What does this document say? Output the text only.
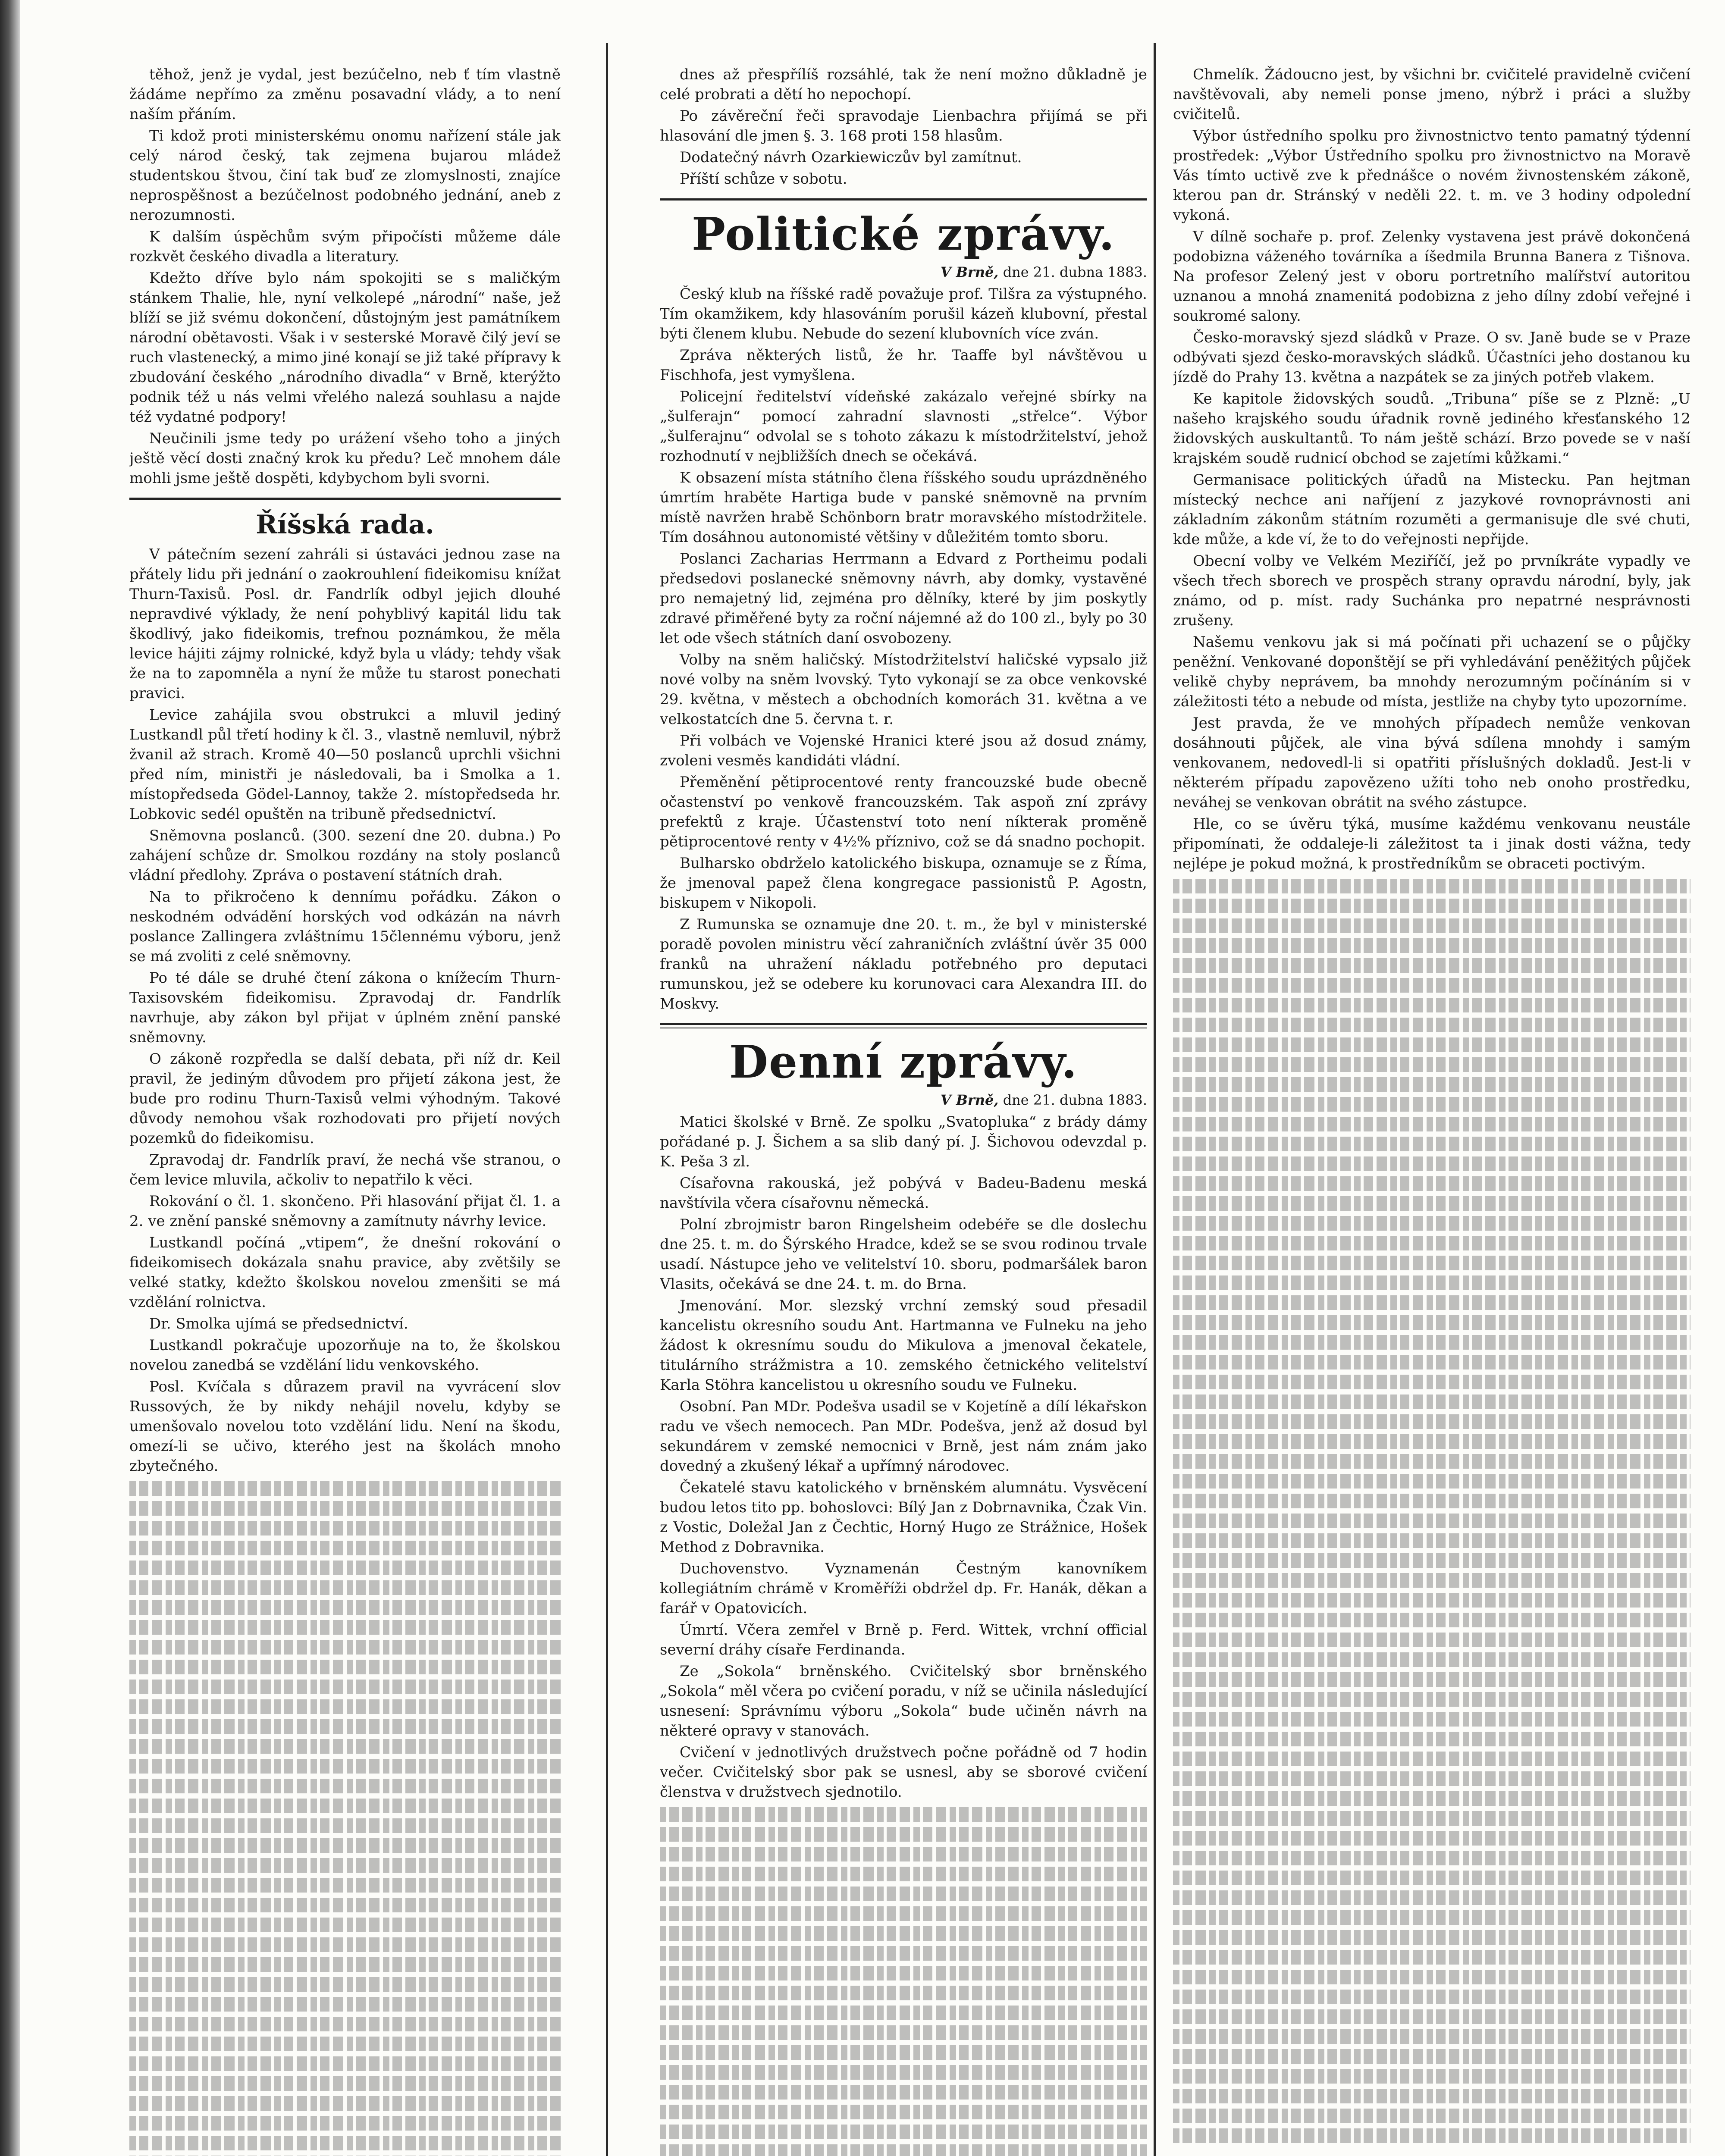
těhož, jenž je vydal, jest bezúčelno, neb ť tím vlastně žádáme nepřímo za změnu posavadní vlády, a to není naším přáním.

Ti kdož proti ministerskému onomu nařízení stále jak celý národ český, tak zejmena bujarou mládež studentskou štvou, činí tak buď ze zlomyslnosti, znajíce neprospěšnost a bezúčelnost podobného jednání, aneb z nerozumnosti.

K dalším úspěchům svým připočísti můžeme dále rozkvět českého divadla a literatury.

Kdežto dříve bylo nám spokojiti se s maličkým stánkem Thalie, hle, nyní velkolepé „národní“ naše, jež blíží se již svému dokončení, důstojným jest památníkem národní obětavosti. Však i v sesterské Moravě čilý jeví se ruch vlastenecký, a mimo jiné konají se již také přípravy k zbudování českého „národního divadla“ v Brně, kterýžto podnik též u nás velmi vřelého nalezá souhlasu a najde též vydatné podpory!

Neučinili jsme tedy po urážení všeho toho a jiných ještě věcí dosti značný krok ku předu? Leč mnohem dále mohli jsme ještě dospěti, kdybychom byli svorni.

Říšská rada.

V pátečním sezení zahráli si ústaváci jednou zase na přátely lidu při jednání o zaokrouhlení fideikomisu knížat Thurn-Taxisů. Posl. dr. Fandrlík odbyl jejich dlouhé nepravdivé výklady, že není pohyblivý kapitál lidu tak škodlivý, jako fideikomis, trefnou poznámkou, že měla levice hájiti zájmy rolnické, když byla u vlády; tehdy však že na to zapomněla a nyní že může tu starost ponechati pravici.

Levice zahájila svou obstrukci a mluvil jediný Lustkandl půl třetí hodiny k čl. 3., vlastně nemluvil, nýbrž žvanil až strach. Kromě 40—50 poslanců uprchli všichni před ním, ministři je následovali, ba i Smolka a 1. místopředseda Gödel-Lannoy, takže 2. místopředseda hr. Lobkovic sedél opuštěn na tribuně předsednictví.

Sněmovna poslanců. (300. sezení dne 20. dubna.) Po zahájení schůze dr. Smolkou rozdány na stoly poslanců vládní předlohy. Zpráva o postavení státních drah.

Na to přikročeno k dennímu pořádku. Zákon o neskodném odvádění horských vod odkázán na návrh poslance Zallingera zvláštnímu 15člennému výboru, jenž se má zvoliti z celé sněmovny.

Po té dále se druhé čtení zákona o knížecím Thurn-Taxisovském fideikomisu. Zpravodaj dr. Fandrlík navrhuje, aby zákon byl přijat v úplném znění panské sněmovny.

O zákoně rozpředla se další debata, při níž dr. Keil pravil, že jediným důvodem pro přijetí zákona jest, že bude pro rodinu Thurn-Taxisů velmi výhodným. Takové důvody nemohou však rozhodovati pro přijetí nových pozemků do fideikomisu.

Zpravodaj dr. Fandrlík praví, že nechá vše stranou, o čem levice mluvila, ačkoliv to nepatřilo k věci.

Rokování o čl. 1. skončeno. Při hlasování přijat čl. 1. a 2. ve znění panské sněmovny a zamítnuty návrhy levice.

Lustkandl počíná „vtipem“, že dnešní rokování o fideikomisech dokázala snahu pravice, aby zvětšily se velké statky, kdežto školskou novelou zmenšiti se má vzdělání rolnictva.

Dr. Smolka ujímá se předsednictví.

Lustkandl pokračuje upozorňuje na to, že školskou novelou zanedbá se vzdělání lidu venkovského.

Posl. Kvíčala s důrazem pravil na vyvrácení slov Russových, že by nikdy nehájil novelu, kdyby se umenšovalo novelou toto vzdělání lidu. Není na škodu, omezí-li se učivo, kterého jest na školách mnoho zbytečného.

dnes až přespřílíš rozsáhlé, tak že není možno důkladně je celé probrati a dětí ho nepochopí.

Po závěreční řeči spravodaje Lienbachra přijímá se při hlasování dle jmen §. 3. 168 proti 158 hlasům.

Dodatečný návrh Ozarkiewiczův byl zamítnut.

Příští schůze v sobotu.

Politické zprávy.
V Brně, dne 21. dubna 1883.

Český klub na říšské radě považuje prof. Tilšra za výstupného. Tím okamžikem, kdy hlasováním porušil kázeň klubovní, přestal býti členem klubu. Nebude do sezení klubovních více zván.

Zpráva některých listů, že hr. Taaffe byl návštěvou u Fischhofa, jest vymyšlena.

Policejní ředitelství vídeňské zakázalo veřejné sbírky na „šulferajn“ pomocí zahradní slavnosti „střelce“. Výbor „šulferajnu“ odvolal se s tohoto zákazu k místodržitelství, jehož rozhodnutí v nejbližších dnech se očekává.

K obsazení místa státního člena říšského soudu uprázdněného úmrtím hraběte Hartiga bude v panské sněmovně na prvním místě navržen hrabě Schönborn bratr moravského místodržitele. Tím dosáhnou autonomisté většiny v důležitém tomto sboru.

Poslanci Zacharias Herrmann a Edvard z Portheimu podali předsedovi poslanecké sněmovny návrh, aby domky, vystavěné pro nemajetný lid, zejména pro dělníky, které by jim poskytly zdravé přiměřené byty za roční nájemné až do 100 zl., byly po 30 let ode všech státních daní osvobozeny.

Volby na sněm haličský. Místodržitelství haličské vypsalo již nové volby na sněm lvovský. Tyto vykonají se za obce venkovské 29. května, v městech a obchodních komorách 31. května a ve velkostatcích dne 5. června t. r.

Při volbách ve Vojenské Hranici které jsou až dosud známy, zvoleni vesměs kandidáti vládní.

Přeměnění pětiprocentové renty francouzské bude obecně očastenství po venkově francouzském. Tak aspoň zní zprávy prefektů z kraje. Účastenství toto není níkterak proměně pětiprocentové renty v 4½% příznivo, což se dá snadno pochopit.

Bulharsko obdrželo katolického biskupa, oznamuje se z Říma, že jmenoval papež člena kongregace passionistů P. Agostn, biskupem v Nikopoli.

Z Rumunska se oznamuje dne 20. t. m., že byl v ministerské poradě povolen ministru věcí zahraničních zvláštní úvěr 35 000 franků na uhražení nákladu potřebného pro deputaci rumunskou, jež se odebere ku korunovaci cara Alexandra III. do Moskvy.

Denní zprávy.
V Brně, dne 21. dubna 1883.

Matici školské v Brně. Ze spolku „Svatopluka“ z brády dámy pořádané p. J. Šichem a sa slib daný pí. J. Šichovou odevzdal p. K. Peša 3 zl.

Císařovna rakouská, jež pobývá v Badeu-Badenu meská navštívila včera císařovnu německá.

Polní zbrojmistr baron Ringelsheim odebéře se dle doslechu dne 25. t. m. do Šýrského Hradce, kdež se se svou rodinou trvale usadí. Nástupce jeho ve velitelství 10. sboru, podmaršálek baron Vlasits, očekává se dne 24. t. m. do Brna.

Jmenování. Mor. slezský vrchní zemský soud přesadil kancelistu okresního soudu Ant. Hartmanna ve Fulneku na jeho žádost k okresnímu soudu do Mikulova a jmenoval čekatele, titulárního strážmistra a 10. zemského četnického velitelství Karla Stöhra kancelistou u okresního soudu ve Fulneku.

Osobní. Pan MDr. Podešva usadil se v Kojetíně a dílí lékařskon radu ve všech nemocech. Pan MDr. Podešva, jenž až dosud byl sekundárem v zemské nemocnici v Brně, jest nám znám jako dovedný a zkušený lékař a upřímný národovec.

Čekatelé stavu katolického v brněnském alumnátu. Vysvěcení budou letos tito pp. bohoslovci: Bílý Jan z Dobrnavnika, Čzak Vin. z Vostic, Doležal Jan z Čechtic, Horný Hugo ze Strážnice, Hošek Method z Dobravnika.

Duchovenstvo. Vyznamenán Čestným kanovníkem kollegiátním chrámě v Kroměříži obdržel dp. Fr. Hanák, děkan a farář v Opatovicích.

Úmrtí. Včera zemřel v Brně p. Ferd. Wittek, vrchní official severní dráhy císaře Ferdinanda.

Ze „Sokola“ brněnského. Cvičitelský sbor brněnského „Sokola“ měl včera po cvičení poradu, v níž se učinila následující usnesení: Správnímu výboru „Sokola“ bude učiněn návrh na některé opravy v stanovách.

Cvičení v jednotlivých družstvech počne pořádně od 7 hodin večer. Cvičitelský sbor pak se usnesl, aby se sborové cvičení členstva v družstvech sjednotilo.

Chmelík. Žádoucno jest, by všichni br. cvičitelé pravidelně cvičení navštěvovali, aby nemeli ponse jmeno, nýbrž i práci a služby cvičitelů.

Výbor ústředního spolku pro živnostnictvo tento pamatný týdenní prostředek: „Výbor Ústředního spolku pro živnostnictvo na Moravě Vás tímto uctivě zve k přednášce o novém živnostenském zákoně, kterou pan dr. Stránský v neděli 22. t. m. ve 3 hodiny odpolední vykoná.

V dílně sochaře p. prof. Zelenky vystavena jest právě dokončená podobizna váženého továrníka a íšedmila Brunna Banera z Tišnova. Na profesor Zelený jest v oboru portretního malířství autoritou uznanou a mnohá znamenitá podobizna z jeho dílny zdobí veřejné i soukromé salony.

Česko-moravský sjezd sládků v Praze. O sv. Janě bude se v Praze odbývati sjezd česko-moravských sládků. Účastníci jeho dostanou ku jízdě do Prahy 13. května a nazpátek se za jiných potřeb vlakem.

Ke kapitole židovských soudů. „Tribuna“ píše se z Plzně: „U našeho krajského soudu úřadnik rovně jediného křesťanského 12 židovských auskultantů. To nám ještě schází. Brzo povede se v naší krajském soudě rudnicí obchod se zajetími kůžkami.“

Germanisace politických úřadů na Mistecku. Pan hejtman místecký nechce ani naříjení z jazykové rovnoprávnosti ani základním zákonům státním rozuměti a germanisuje dle své chuti, kde může, a kde ví, že to do veřejnosti nepřijde.

Obecní volby ve Velkém Meziříčí, jež po prvníkráte vypadly ve všech třech sborech ve prospěch strany opravdu národní, byly, jak známo, od p. míst. rady Suchánka pro nepatrné nesprávnosti zrušeny.

Našemu venkovu jak si má počínati při uchazení se o půjčky peněžní. Venkované doponštějí se při vyhledávání peněžitých půjček velikě chyby neprávem, ba mnohdy nerozumným počínáním si v záležitosti této a nebude od místa, jestliže na chyby tyto upozorníme.

Jest pravda, že ve mnohých případech nemůže venkovan dosáhnouti půjček, ale vina bývá sdílena mnohdy i samým venkovanem, nedovedl-li si opatřiti příslušných dokladů. Jest-li v některém případu zapovězeno užíti toho neb onoho prostředku, neváhej se venkovan obrátit na svého zástupce.

Hle, co se úvěru týká, musíme každému venkovanu neustále připomínati, že oddaleje-li záležitost ta i jinak dosti vážna, tedy nejlépe je pokud možná, k prostředníkům se obraceti poctivým.
